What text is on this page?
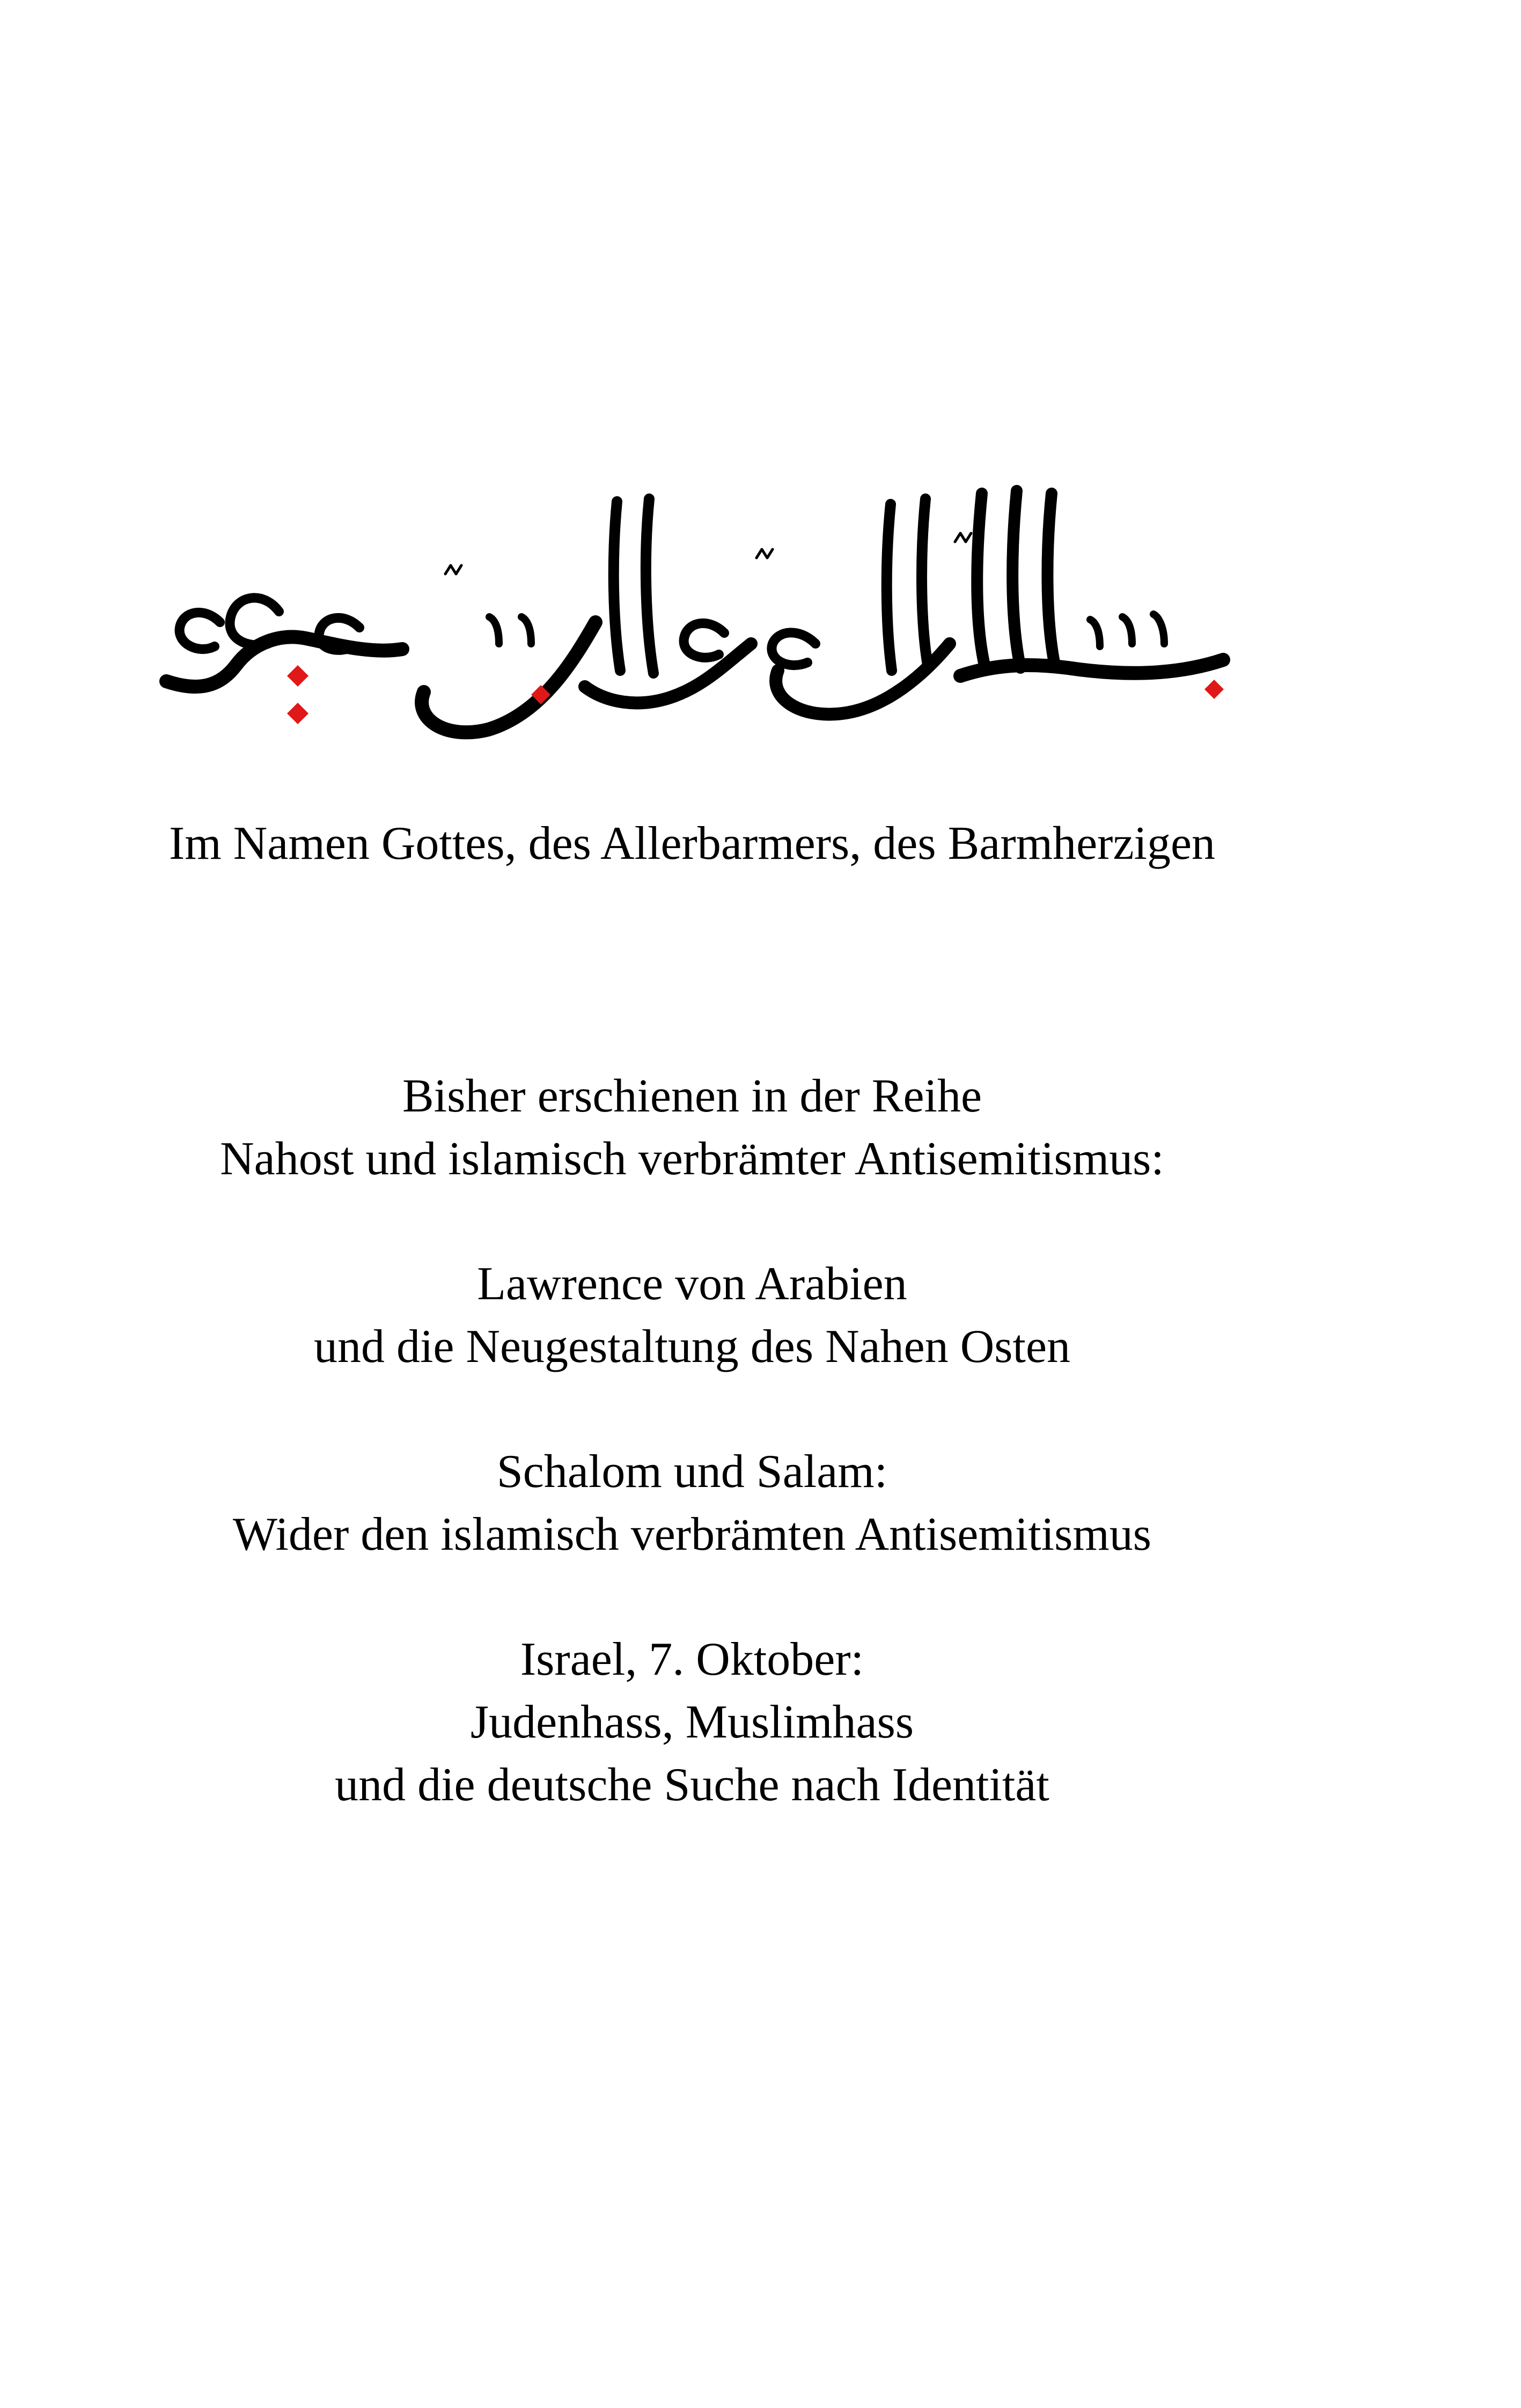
Im Namen Gottes, des Allerbarmers, des Barmherzigen
Bisher erschienen in der Reihe
Nahost und islamisch verbrämter Antisemitismus:
Lawrence von Arabien
und die Neugestaltung des Nahen Osten
Schalom und Salam:
Wider den islamisch verbrämten Antisemitismus
Israel, 7. Oktober:
Judenhass, Muslimhass
und die deutsche Suche nach Identität
